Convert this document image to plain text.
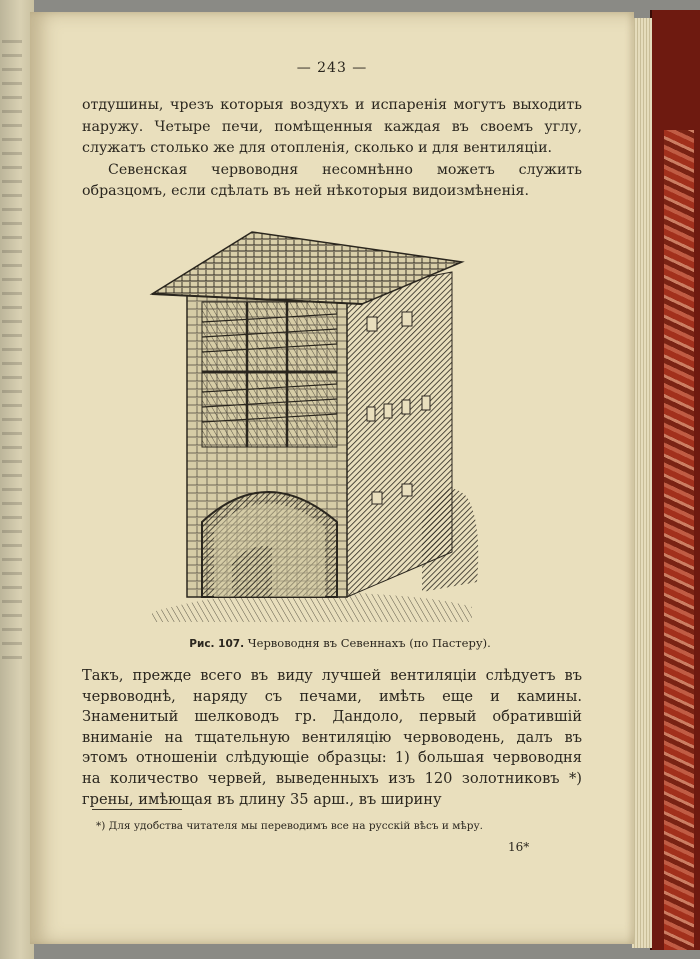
— 243 —

отдушины, чрезъ которыя воздухъ и испаренія могутъ выходить наружу. Четыре печи, помѣщенныя каждая въ своемъ углу, служатъ столько же для отопленія, сколько и для вентиляціи.

Севенская червоводня несомнѣнно можетъ служить образцомъ, если сдѣлать въ ней нѣкоторыя видоизмѣненія.

Рис. 107. Червоводня въ Севеннахъ (по Пастеру).

Такъ, прежде всего въ виду лучшей вентиляціи слѣдуетъ въ червоводнѣ, наряду съ печами, имѣть еще и камины. Знаменитый шелководъ гр. Дандоло, первый обратившій вниманіе на тщательную вентиляцію червоводень, далъ въ этомъ отношеніи слѣдующіе образцы: 1) большая червоводня на количество червей, выведенныхъ изъ 120 золотниковъ *) грены, имѣющая въ длину 35 арш., въ ширину

*) Для удобства читателя мы переводимъ все на русскій вѣсъ и мѣру.
16*
